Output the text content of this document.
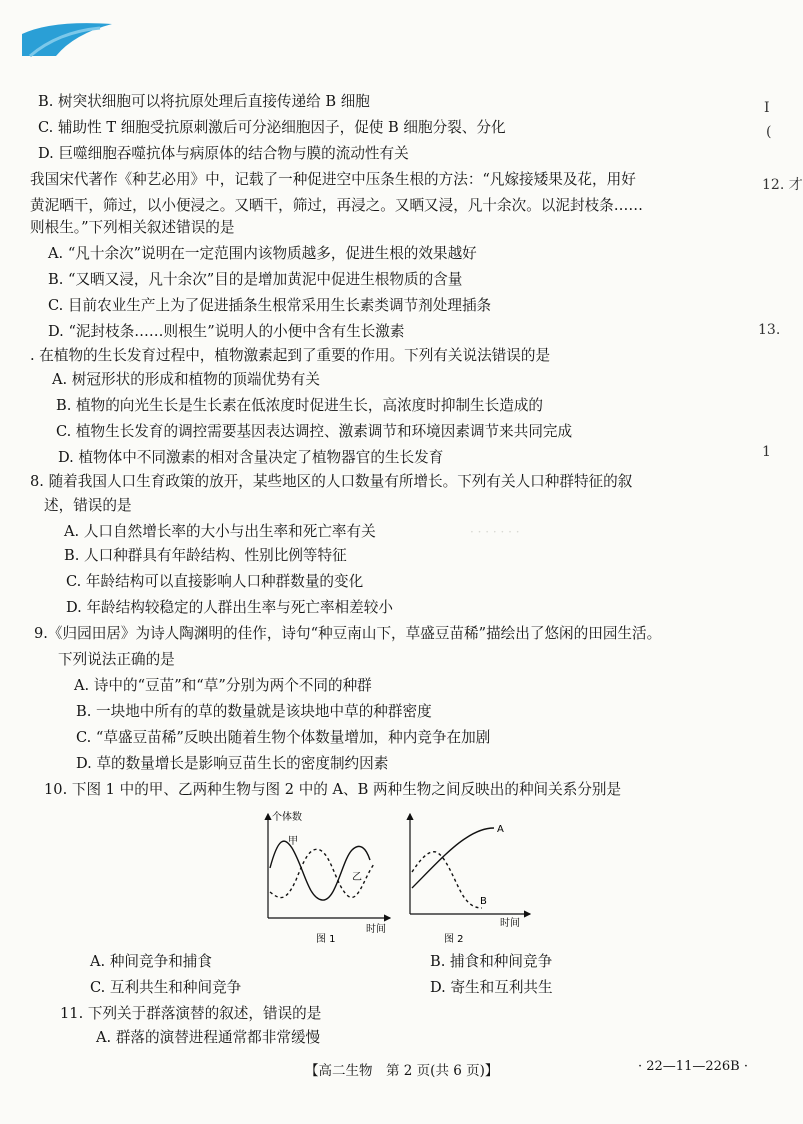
B. 树突状细胞可以将抗原处理后直接传递给 B 细胞
C. 辅助性 T 细胞受抗原刺激后可分泌细胞因子，促使 B 细胞分裂、分化
D. 巨噬细胞吞噬抗体与病原体的结合物与膜的流动性有关
我国宋代著作《种艺必用》中，记载了一种促进空中压条生根的方法：“凡嫁接矮果及花，用好
黄泥晒干，筛过，以小便浸之。又晒干，筛过，再浸之。又晒又浸，凡十余次。以泥封枝条……
则根生。”下列相关叙述错误的是
A. “凡十余次”说明在一定范围内该物质越多，促进生根的效果越好
B. “又晒又浸，凡十余次”目的是增加黄泥中促进生根物质的含量
C. 目前农业生产上为了促进插条生根常采用生长素类调节剂处理插条
D. “泥封枝条……则根生”说明人的小便中含有生长激素
. 在植物的生长发育过程中，植物激素起到了重要的作用。下列有关说法错误的是
A. 树冠形状的形成和植物的顶端优势有关
B. 植物的向光生长是生长素在低浓度时促进生长，高浓度时抑制生长造成的
C. 植物生长发育的调控需要基因表达调控、激素调节和环境因素调节来共同完成
D. 植物体中不同激素的相对含量决定了植物器官的生长发育
8. 随着我国人口生育政策的放开，某些地区的人口数量有所增长。下列有关人口种群特征的叙
述，错误的是
A. 人口自然增长率的大小与出生率和死亡率有关
B. 人口种群具有年龄结构、性别比例等特征
C. 年龄结构可以直接影响人口种群数量的变化
D. 年龄结构较稳定的人群出生率与死亡率相差较小
9.《归园田居》为诗人陶渊明的佳作，诗句“种豆南山下，草盛豆苗稀”描绘出了悠闲的田园生活。
下列说法正确的是
A. 诗中的“豆苗”和“草”分别为两个不同的种群
B. 一块地中所有的草的数量就是该块地中草的种群密度
C. “草盛豆苗稀”反映出随着生物个体数量增加，种内竞争在加剧
D. 草的数量增长是影响豆苗生长的密度制约因素
10. 下图 1 中的甲、乙两种生物与图 2 中的 A、B 两种生物之间反映出的种间关系分别是
A. 种间竞争和捕食	B. 捕食和种间竞争
C. 互利共生和种间竞争	D. 寄生和互利共生
11. 下列关于群落演替的叙述，错误的是
A. 群落的演替进程通常都非常缓慢
I
(
12. 才
13.
1
· · · · · · ·
个体数
甲
乙
时间
图 1
A
B
时间
图 2
【高二生物　第 2 页(共 6 页)】	· 22—11—226B ·
